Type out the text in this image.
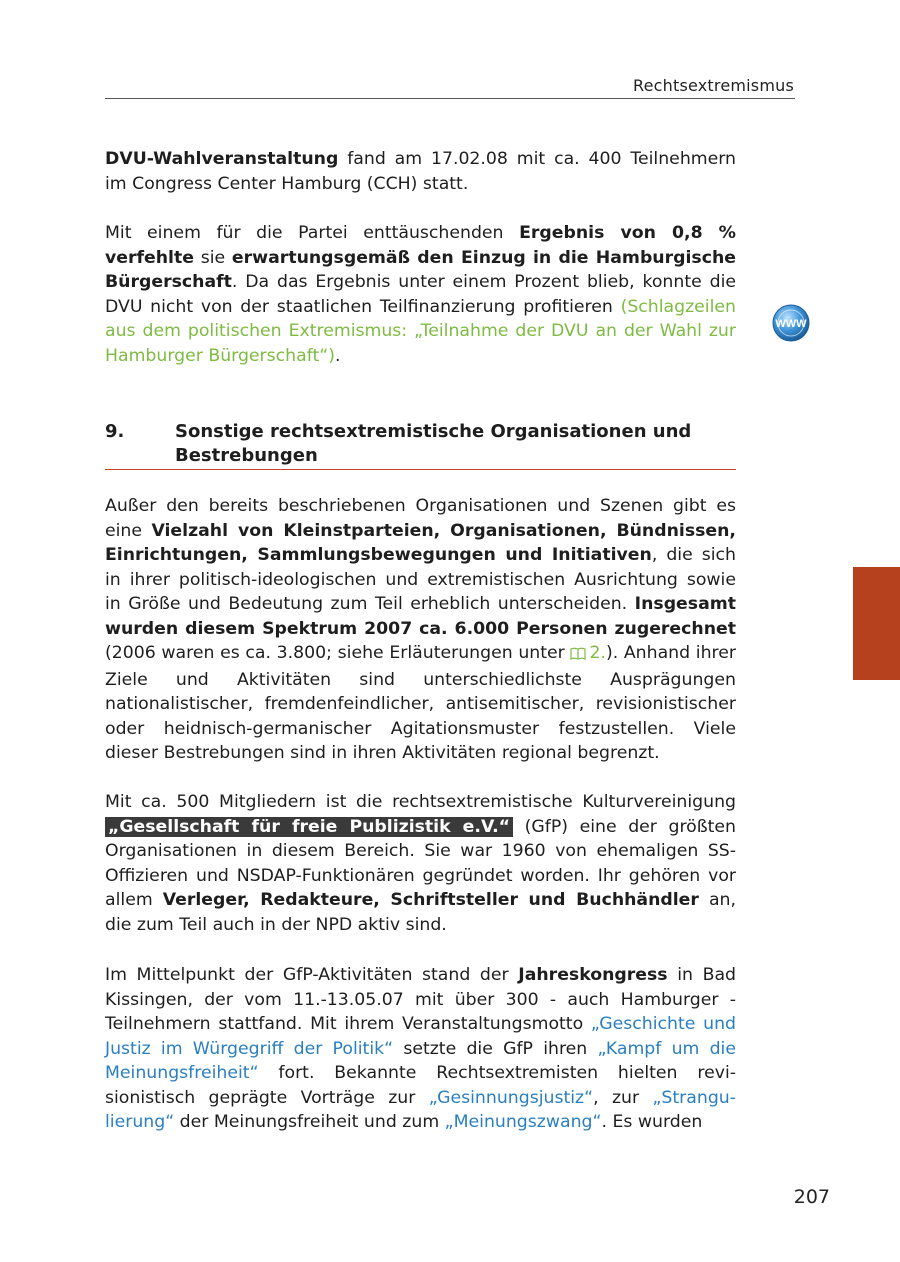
Rechtsextremismus

DVU-Wahlveranstaltung fand am 17.02.08 mit ca. 400 Teilnehmern im Congress Center Hamburg (CCH) statt.

Mit einem für die Partei enttäuschenden Ergebnis von 0,8 % verfehlte sie erwartungsgemäß den Einzug in die Hamburgische Bürgerschaft. Da das Ergebnis unter einem Prozent blieb, konnte die DVU nicht von der staatlichen Teilfinanzierung profitieren (Schlagzeilen aus dem politischen Extremismus: „Teilnahme der DVU an der Wahl zur Hamburger Bürgerschaft“).

WWW
9.	Sonstige rechtsextremistische Organisationen und Bestrebungen

Außer den bereits beschriebenen Organisationen und Szenen gibt es eine Vielzahl von Kleinstparteien, Organisationen, Bündnissen, Einrichtungen, Sammlungsbewegungen und Initiativen, die sich in ihrer politisch-ideologischen und extremistischen Ausrichtung sowie in Größe und Bedeutung zum Teil erheblich unterscheiden. Insgesamt wurden diesem Spektrum 2007 ca. 6.000 Personen zugerechnet (2006 waren es ca. 3.800; siehe Erläuterungen unter 2.). Anhand ihrer Ziele und Aktivitäten sind unterschiedlichste Ausprägungen nationalistischer, fremdenfeindlicher, antisemitischer, revisionistischer oder heidnisch-germanischer Agitationsmuster festzustellen. Viele dieser Bestrebungen sind in ihren Aktivitäten regional begrenzt.

Mit ca. 500 Mitgliedern ist die rechtsextremistische Kulturvereinigung „Gesellschaft für freie Publizistik e.V.“ (GfP) eine der größten Organisationen in diesem Bereich. Sie war 1960 von ehemaligen SS-Offizieren und NSDAP-Funktionären gegründet worden. Ihr gehören vor allem Verleger, Redakteure, Schriftsteller und Buchhändler an, die zum Teil auch in der NPD aktiv sind.

Im Mittelpunkt der GfP-Aktivitäten stand der Jahreskongress in Bad Kissingen, der vom 11.-13.05.07 mit über 300 - auch Hamburger - Teilnehmern stattfand. Mit ihrem Veranstaltungsmotto „Geschichte und Justiz im Würgegriff der Politik“ setzte die GfP ihren „Kampf um die Meinungsfreiheit“ fort. Bekannte Rechtsextremisten hielten revisionistisch geprägte Vorträge zur „Gesinnungsjustiz“, zur „Strangulierung“ der Meinungsfreiheit und zum „Meinungszwang“. Es wurden

207
